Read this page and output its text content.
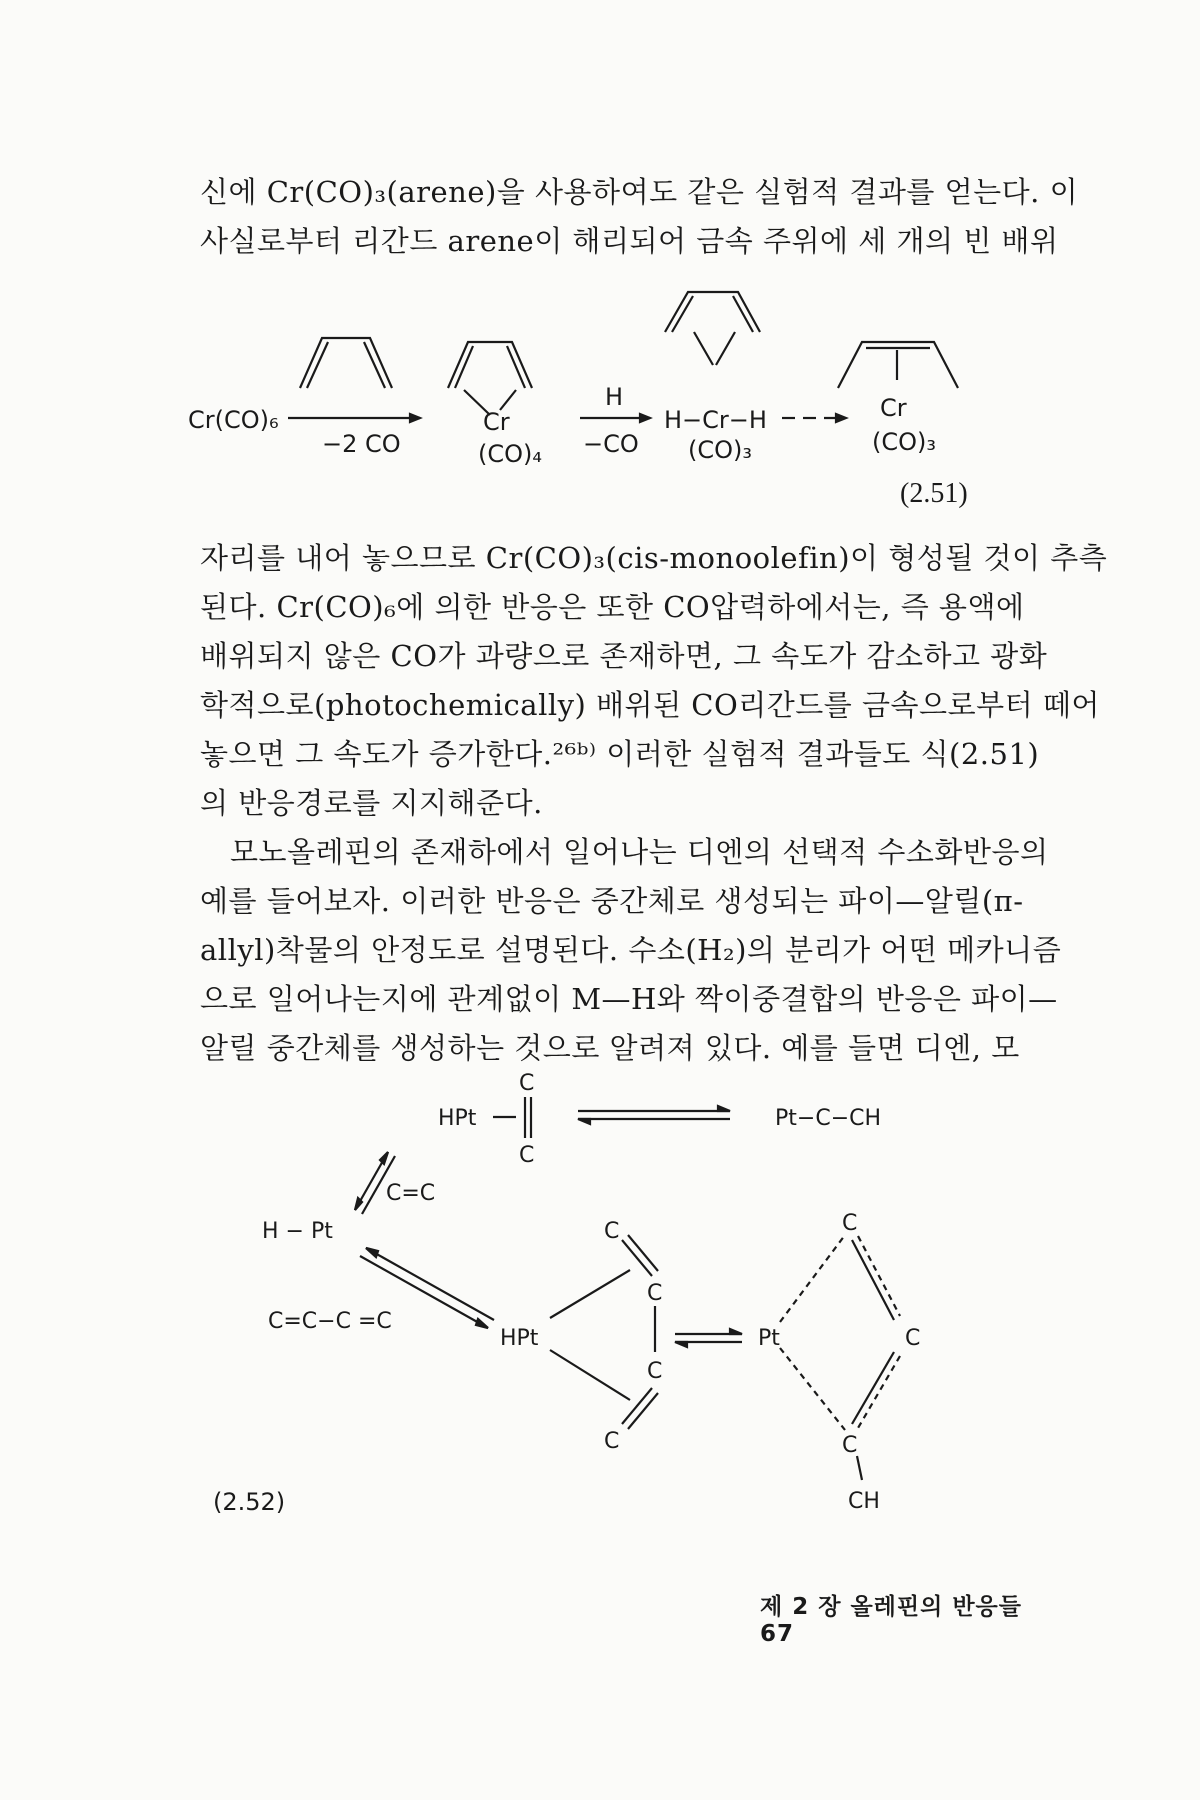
신에 Cr(CO)₃(arene)을 사용하여도 같은 실험적 결과를 얻는다. 이
사실로부터 리간드 arene이 해리되어 금속 주위에 세 개의 빈 배위
Cr(CO)₆
−2 CO
Cr
(CO)₄
H
−CO
H−Cr−H
(CO)₃
Cr
(CO)₃
(2.51)
자리를 내어 놓으므로 Cr(CO)₃(cis-monoolefin)이 형성될 것이 추측
된다. Cr(CO)₆에 의한 반응은 또한 CO압력하에서는, 즉 용액에
배위되지 않은 CO가 과량으로 존재하면, 그 속도가 감소하고 광화
학적으로(photochemically) 배위된 CO리간드를 금속으로부터 떼어
놓으면 그 속도가 증가한다.²⁶ᵇ⁾ 이러한 실험적 결과들도 식(2.51)
의 반응경로를 지지해준다.
모노올레핀의 존재하에서 일어나는 디엔의 선택적 수소화반응의
예를 들어보자. 이러한 반응은 중간체로 생성되는 파이—알릴(π-
allyl)착물의 안정도로 설명된다. 수소(H₂)의 분리가 어떤 메카니즘
으로 일어나는지에 관계없이 M—H와 짝이중결합의 반응은 파이—
알릴 중간체를 생성하는 것으로 알려져 있다. 예를 들면 디엔, 모
HPt
C
C
Pt−C−CH
C=C
H − Pt
C=C−C =C
HPt
C
C
C
C
Pt
C
C
C
CH
(2.52)
제 2 장 올레핀의 반응들 67
